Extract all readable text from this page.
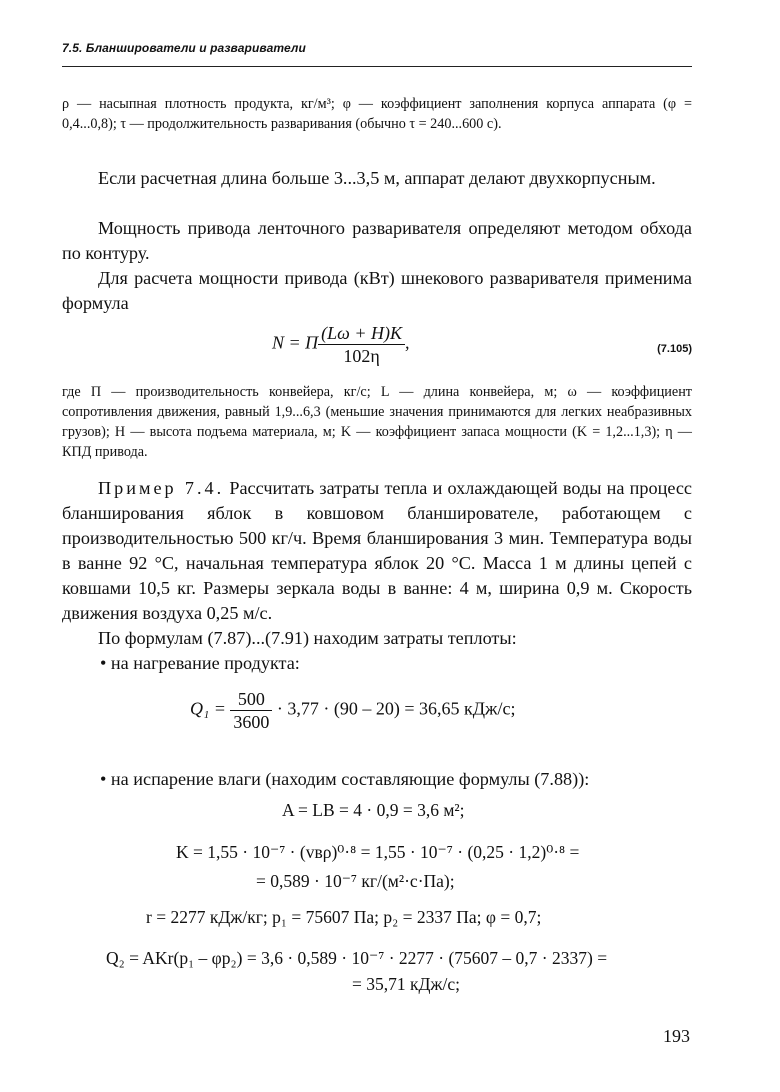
7.5. Бланширователи и развариватели
ρ — насыпная плотность продукта, кг/м³; φ — коэффициент заполнения корпуса аппарата (φ = 0,4...0,8); τ — продолжительность разваривания (обычно τ = 240...600 с).
Если расчетная длина больше 3...3,5 м, аппарат делают двухкорпусным.
Мощность привода ленточного разваривателя определяют методом обхода по контуру.
Для расчета мощности привода (кВт) шнекового разваривателя применима формула
N = П $\frac{(L\omega + H)K}{102\eta}$ ,	(7.105)
где П — производительность конвейера, кг/с; L — длина конвейера, м; ω — коэффициент сопротивления движения, равный 1,9...6,3 (меньшие значения принимаются для легких неабразивных грузов); H — высота подъема материала, м; K — коэффициент запаса мощности (K = 1,2...1,3); η — КПД привода.
Пример 7.4. Рассчитать затраты тепла и охлаждающей воды на процесс бланширования яблок в ковшовом бланширователе, работающем с производительностью 500 кг/ч. Время бланширования 3 мин. Температура воды в ванне 92 °С, начальная температура яблок 20 °С. Масса 1 м длины цепей с ковшами 10,5 кг. Размеры зеркала воды в ванне: 4 м, ширина 0,9 м. Скорость движения воздуха 0,25 м/с.
По формулам (7.87)...(7.91) находим затраты теплоты:
• на нагревание продукта:
$Q_1 = \frac{500}{3600} \cdot 3,77 \cdot (90 - 20) = 36,65$ кДж/с;
• на испарение влаги (находим составляющие формулы (7.88)):
A = LB = 4 · 0,9 = 3,6 м²;
K = 1,55 · 10⁻⁷ · (vвρ)⁰·⁸ = 1,55 · 10⁻⁷ · (0,25 · 1,2)⁰·⁸ =
= 0,589 · 10⁻⁷ кг/(м²·с·Па);
r = 2277 кДж/кг; p₁ = 75607 Па; p₂ = 2337 Па; φ = 0,7;
Q₂ = AKr(p₁ – φp₂) = 3,6 · 0,589 · 10⁻⁷ · 2277 · (75607 – 0,7 · 2337) =
= 35,71 кДж/с;
193
